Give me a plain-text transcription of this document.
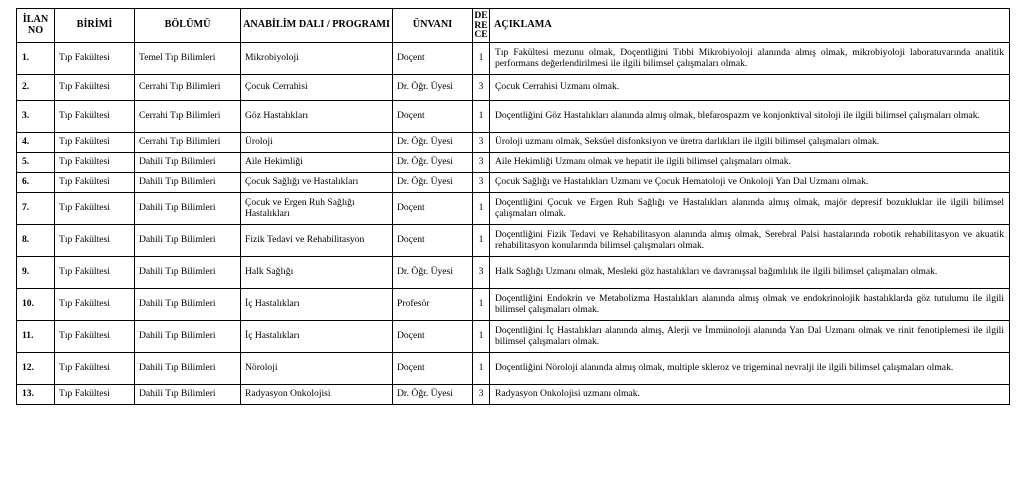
İLAN NO	BİRİMİ	BÖLÜMÜ	ANABİLİM DALI / PROGRAMI	ÜNVANI	DE RE CE	AÇIKLAMA
1.	Tıp Fakültesi	Temel Tıp Bilimleri	Mikrobiyoloji	Doçent	1	Tıp Fakültesi mezunu olmak, Doçentliğini Tıbbi Mikrobiyoloji alanında almış olmak, mikrobiyoloji laboratuvarında analitik performans değerlendirilmesi ile ilgili bilimsel çalışmaları olmak.
2.	Tıp Fakültesi	Cerrahi Tıp Bilimleri	Çocuk Cerrahisi	Dr. Öğr. Üyesi	3	Çocuk Cerrahisi Uzmanı olmak.
3.	Tıp Fakültesi	Cerrahi Tıp Bilimleri	Göz Hastalıkları	Doçent	1	Doçentliğini Göz Hastalıkları alanında almış olmak, blefarospazm ve konjonktival sitoloji ile ilgili bilimsel çalışmaları olmak.
4.	Tıp Fakültesi	Cerrahi Tıp Bilimleri	Üroloji	Dr. Öğr. Üyesi	3	Üroloji uzmanı olmak, Seksüel disfonksiyon ve üretra darlıkları ile ilgili bilimsel çalışmaları olmak.
5.	Tıp Fakültesi	Dahili Tıp Bilimleri	Aile Hekimliği	Dr. Öğr. Üyesi	3	Aile Hekimliği Uzmanı olmak ve hepatit ile ilgili bilimsel çalışmaları olmak.
6.	Tıp Fakültesi	Dahili Tıp Bilimleri	Çocuk Sağlığı ve Hastalıkları	Dr. Öğr. Üyesi	3	Çocuk Sağlığı ve Hastalıkları Uzmanı ve Çocuk Hematoloji ve Onkoloji Yan Dal Uzmanı olmak.
7.	Tıp Fakültesi	Dahili Tıp Bilimleri	Çocuk ve Ergen Ruh Sağlığı Hastalıkları	Doçent	1	Doçentliğini Çocuk ve Ergen Ruh Sağlığı ve Hastalıkları alanında almış olmak, majör depresif bozukluklar ile ilgili bilimsel çalışmaları olmak.
8.	Tıp Fakültesi	Dahili Tıp Bilimleri	Fizik Tedavi ve Rehabilitasyon	Doçent	1	Doçentliğini Fizik Tedavi ve Rehabilitasyon alanında almış olmak, Serebral Palsi hastalarında robotik rehabilitasyon ve akuatik rehabilitasyon konularında bilimsel çalışmaları olmak.
9.	Tıp Fakültesi	Dahili Tıp Bilimleri	Halk Sağlığı	Dr. Öğr. Üyesi	3	Halk Sağlığı Uzmanı olmak, Mesleki göz hastalıkları ve davranışsal bağımlılık ile ilgili bilimsel çalışmaları olmak.
10.	Tıp Fakültesi	Dahili Tıp Bilimleri	İç Hastalıkları	Profesör	1	Doçentliğini Endokrin ve Metabolizma Hastalıkları alanında almış olmak ve endokrinolojik hastalıklarda göz tutulumu ile ilgili bilimsel çalışmaları olmak.
11.	Tıp Fakültesi	Dahili Tıp Bilimleri	İç Hastalıkları	Doçent	1	Doçentliğini İç Hastalıkları alanında almış, Alerji ve İmmünoloji alanında Yan Dal Uzmanı olmak ve rinit fenotiplemesi ile ilgili bilimsel çalışmaları olmak.
12.	Tıp Fakültesi	Dahili Tıp Bilimleri	Nöroloji	Doçent	1	Doçentliğini Nöroloji alanında almış olmak, multiple skleroz ve trigeminal nevralji ile ilgili bilimsel çalışmaları olmak.
13.	Tıp Fakültesi	Dahili Tıp Bilimleri	Radyasyon Onkolojisi	Dr. Öğr. Üyesi	3	Radyasyon Onkolojisi uzmanı olmak.
